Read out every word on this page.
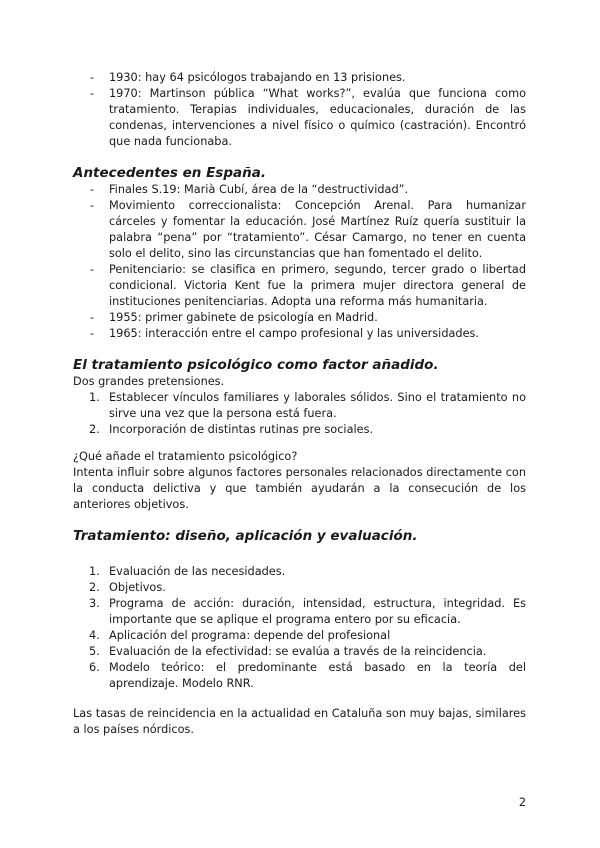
- 1930: hay 64 psicólogos trabajando en 13 prisiones.
- 1970: Martinson pública “What works?”, evalúa que funciona como tratamiento. Terapias individuales, educacionales, duración de las condenas, intervenciones a nivel físico o químico (castración). Encontró que nada funcionaba.
Antecedentes en España.
- Finales S.19: Marià Cubí, área de la “destructividad”.
- Movimiento correccionalista: Concepción Arenal. Para humanizar cárceles y fomentar la educación. José Martínez Ruíz quería sustituir la palabra “pena” por “tratamiento”. César Camargo, no tener en cuenta solo el delito, sino las circunstancias que han fomentado el delito.
- Penitenciario: se clasifica en primero, segundo, tercer grado o libertad condicional. Victoria Kent fue la primera mujer directora general de instituciones penitenciarias. Adopta una reforma más humanitaria.
- 1955: primer gabinete de psicología en Madrid.
- 1965: interacción entre el campo profesional y las universidades.
El tratamiento psicológico como factor añadido.

Dos grandes pretensiones.

1. Establecer vínculos familiares y laborales sólidos. Sino el tratamiento no sirve una vez que la persona está fuera.
2. Incorporación de distintas rutinas pre sociales.

¿Qué añade el tratamiento psicológico?

Intenta influir sobre algunos factores personales relacionados directamente con la conducta delictiva y que también ayudarán a la consecución de los anteriores objetivos.

Tratamiento: diseño, aplicación y evaluación.
1. Evaluación de las necesidades.
2. Objetivos.
3. Programa de acción: duración, intensidad, estructura, integridad. Es importante que se aplique el programa entero por su eficacia.
4. Aplicación del programa: depende del profesional
5. Evaluación de la efectividad: se evalúa a través de la reincidencia.
6. Modelo teórico: el predominante está basado en la teoría del aprendizaje. Modelo RNR.

Las tasas de reincidencia en la actualidad en Cataluña son muy bajas, similares a los países nórdicos.

2
